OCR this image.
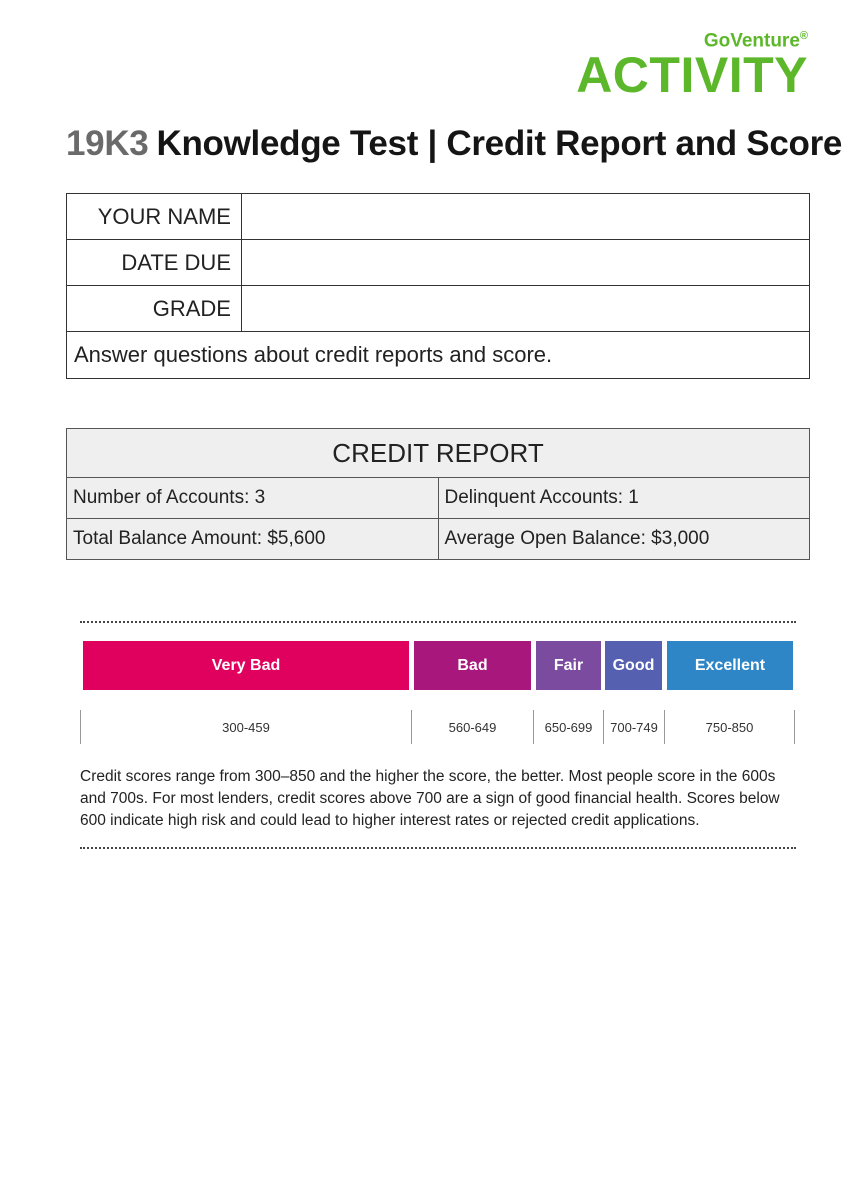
GoVenture®
ACTIVITY
19K3 Knowledge Test | Credit Report and Score
YOUR NAME	
DATE DUE	
GRADE	
Answer questions about credit reports and score.	
CREDIT REPORT	
Number of Accounts: 3	Delinquent Accounts: 1
Total Balance Amount: $5,600	Average Open Balance: $3,000
Very Bad	Bad	Fair Good	Excellent
300-459	560-649	650-699	700-749	750-850
Credit scores range from 300–850 and the higher the score, the better. Most people score in the 600s and 700s. For most lenders, credit scores above 700 are a sign of good financial health. Scores below 600 indicate high risk and could lead to higher interest rates or rejected credit applications.
